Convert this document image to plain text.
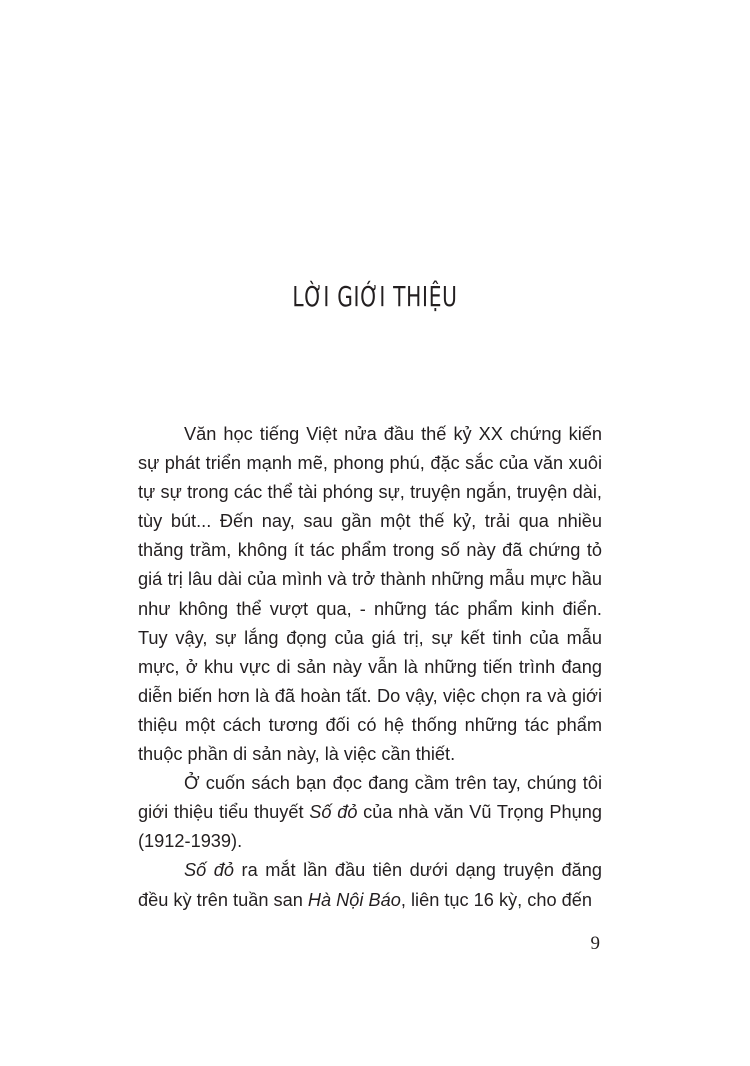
LỜI GIỚI THIỆU

Văn học tiếng Việt nửa đầu thế kỷ XX chứng kiến sự phát triển mạnh mẽ, phong phú, đặc sắc của văn xuôi tự sự trong các thể tài phóng sự, truyện ngắn, truyện dài, tùy bút... Đến nay, sau gần một thế kỷ, trải qua nhiều thăng trầm, không ít tác phẩm trong số này đã chứng tỏ giá trị lâu dài của mình và trở thành những mẫu mực hầu như không thể vượt qua, - những tác phẩm kinh điển. Tuy vậy, sự lắng đọng của giá trị, sự kết tinh của mẫu mực, ở khu vực di sản này vẫn là những tiến trình đang diễn biến hơn là đã hoàn tất. Do vậy, việc chọn ra và giới thiệu một cách tương đối có hệ thống những tác phẩm thuộc phần di sản này, là việc cần thiết.

Ở cuốn sách bạn đọc đang cầm trên tay, chúng tôi giới thiệu tiểu thuyết Số đỏ của nhà văn Vũ Trọng Phụng (1912-1939).

Số đỏ ra mắt lần đầu tiên dưới dạng truyện đăng đều kỳ trên tuần san Hà Nội Báo, liên tục 16 kỳ, cho đến

9
